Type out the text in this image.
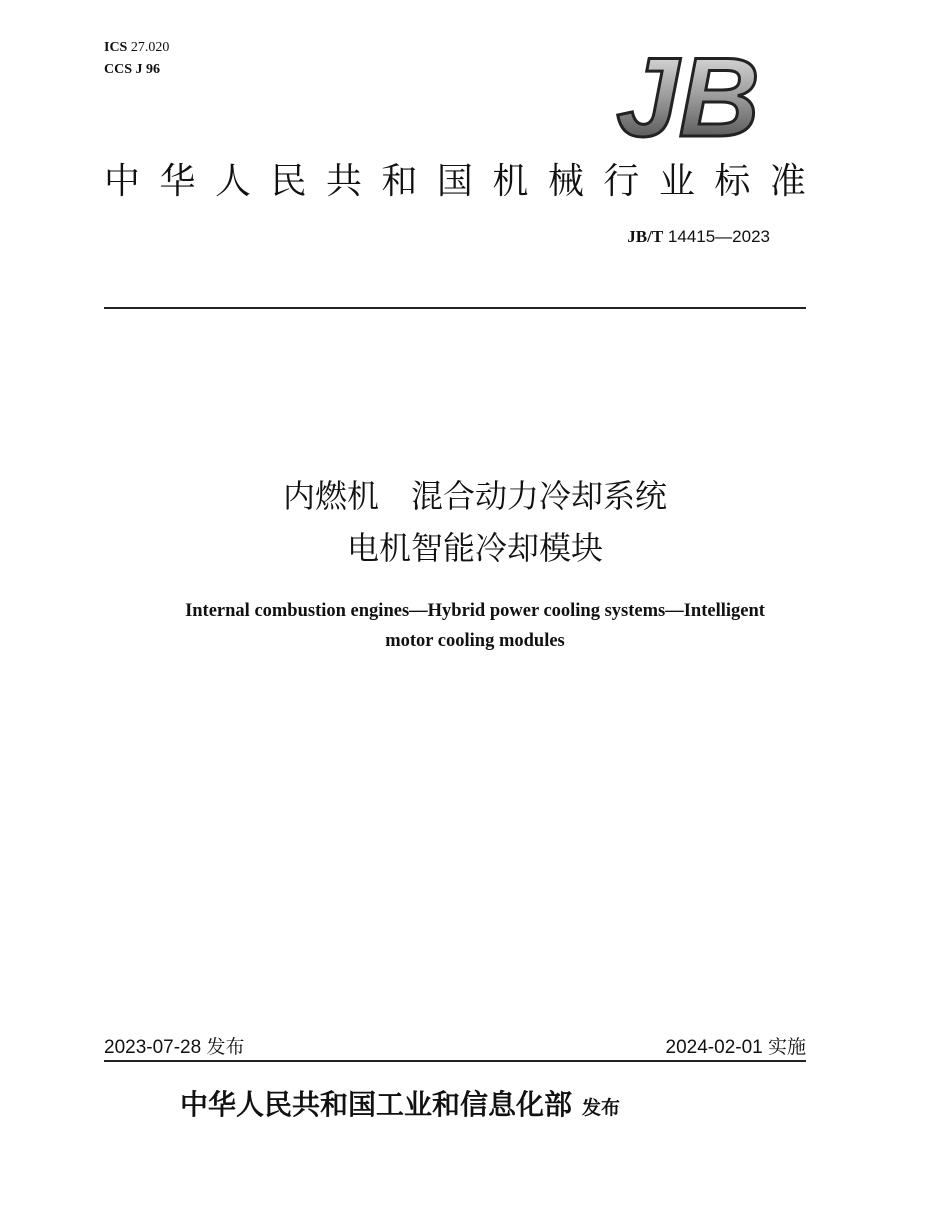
ICS 27.020
CCS J 96	JB
中 华 人 民 共 和 国 机 械 行 业 标 准
JB/T 14415—2023
内燃机　混合动力冷却系统
电机智能冷却模块
Internal combustion engines—Hybrid power cooling systems—Intelligent
motor cooling modules
2023-07-28 发布	2024-02-01 实施
中华人民共和国工业和信息化部 发布
